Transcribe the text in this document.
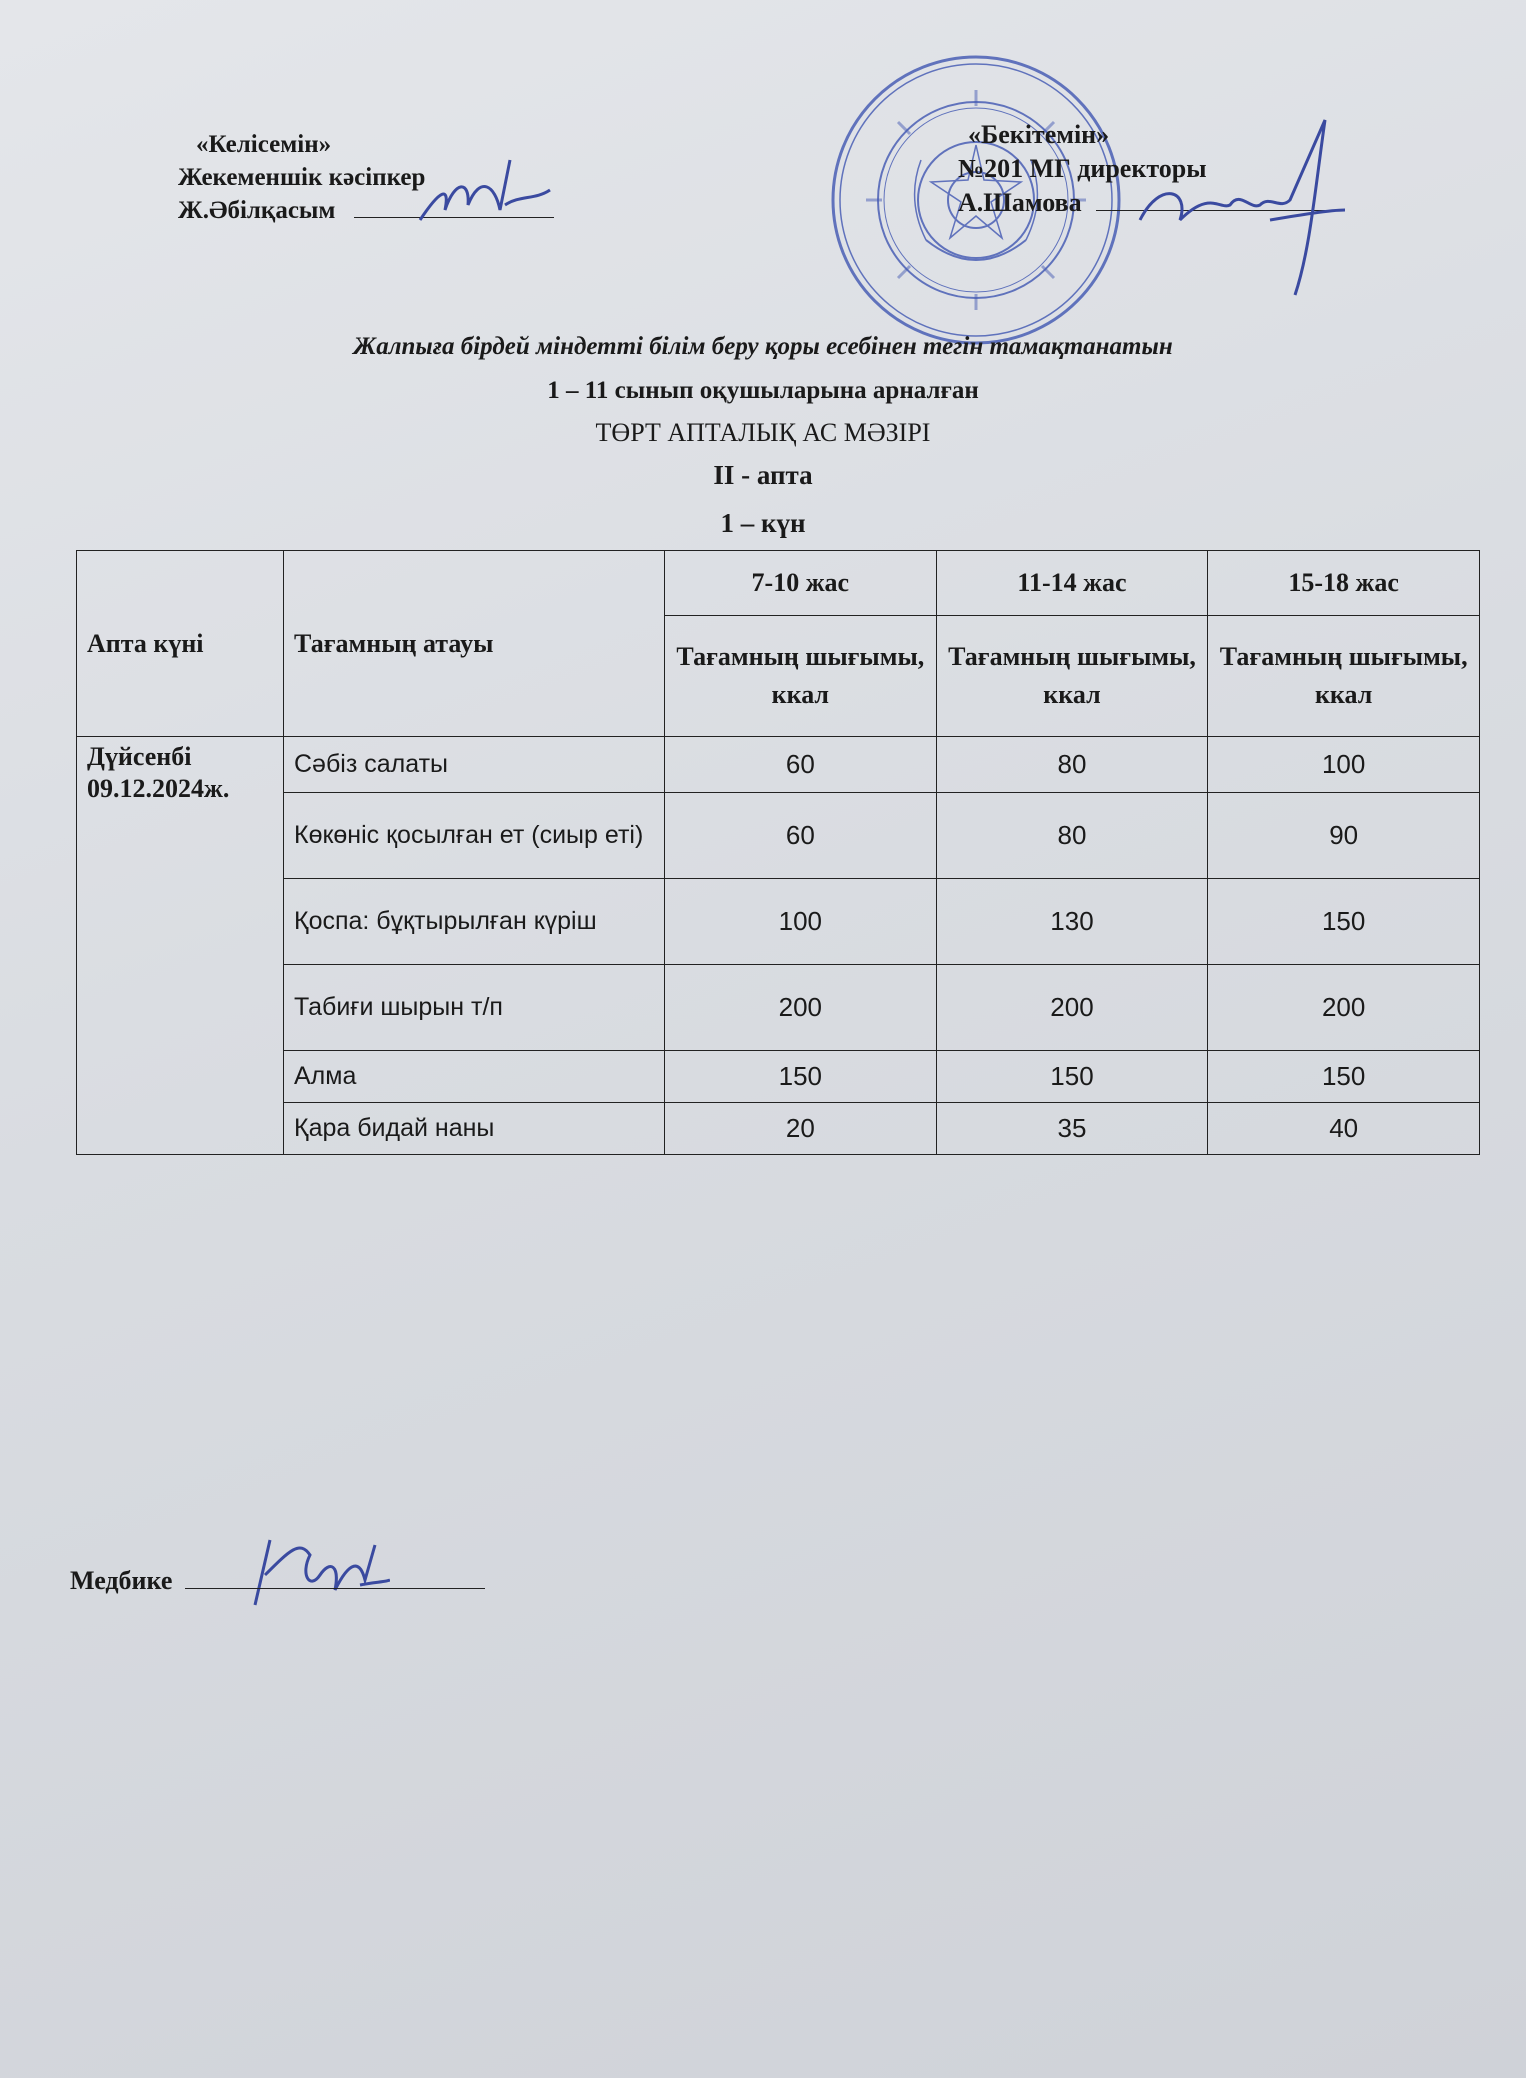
«Келісемін»
Жекеменшік кәсіпкер
Ж.Әбілқасым
«Бекітемін»
№201 МГ директоры
А.Шамова
Жалпыға бірдей міндетті білім беру қоры есебінен тегін тамақтанатын
1 – 11 сынып оқушыларына арналған
ТӨРТ АПТАЛЫҚ АС МӘЗІРІ
ІІ - апта
1 – күн
Апта күні	Тағамның атауы	7-10 жас	11-14 жас	15-18 жас
		Тағамның шығымы, ккал	Тағамның шығымы, ккал	Тағамның шығымы, ккал

Дүйсенбі
09.12.2024ж.	Сәбіз салаты	60	80	100
	Көкөніс қосылған ет (сиыр еті)	60	80	90
	Қоспа: бұқтырылған күріш	100	130	150
	Табиғи шырын т/п	200	200	200
	Алма	150	150	150
	Қара бидай наны	20	35	40
Медбике
